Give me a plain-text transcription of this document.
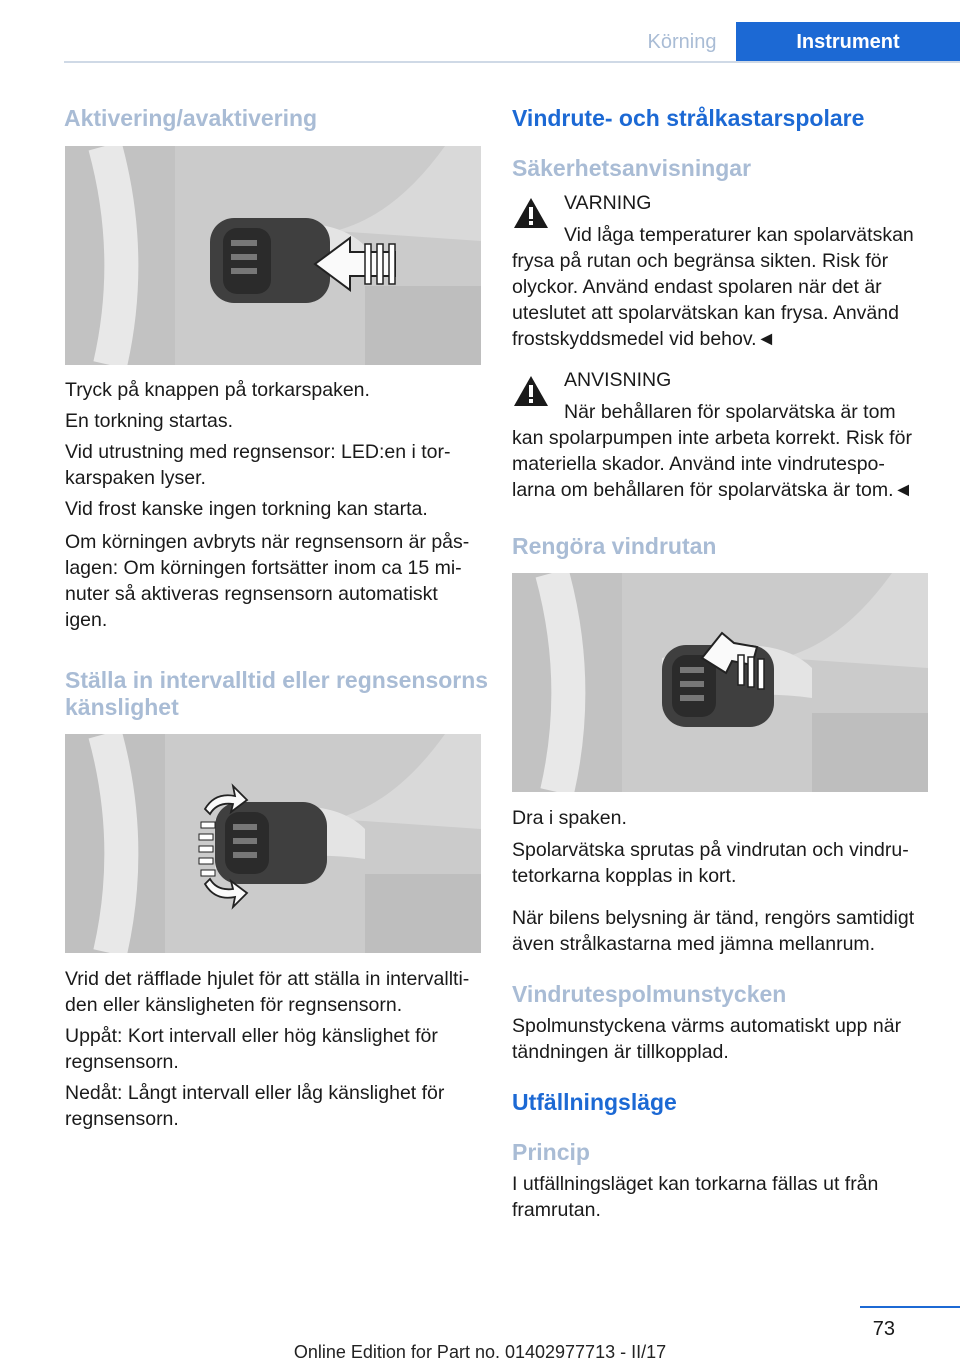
Körning	Instrument
Aktivering/avaktivering
Tryck på knappen på torkarspaken.
En torkning startas.
Vid utrustning med regnsensor: LED:en i tor‐
karspaken lyser.
Vid frost kanske ingen torkning kan starta.
Om körningen avbryts när regnsensorn är pås‐
lagen: Om körningen fortsätter inom ca 15 mi‐
nuter så aktiveras regnsensorn automatiskt
igen.
Ställa in intervalltid eller regnsensorns
känslighet
Vrid det räfflade hjulet för att ställa in intervallti‐
den eller känsligheten för regnsensorn.
Uppåt: Kort intervall eller hög känslighet för
regnsensorn.
Nedåt: Långt intervall eller låg känslighet för
regnsensorn.
Vindrute- och strålkastarspolare
Säkerhetsanvisningar
VARNING
Vid låga temperaturer kan spolarvätskan
frysa på rutan och begränsa sikten. Risk för
olyckor. Använd endast spolaren när det är
uteslutet att spolarvätskan kan frysa. Använd
frostskyddsmedel vid behov.◄
ANVISNING
När behållaren för spolarvätska är tom
kan spolarpumpen inte arbeta korrekt. Risk för
materiella skador. Använd inte vindrutespo‐
larna om behållaren för spolarvätska är tom.◄
Rengöra vindrutan
Dra i spaken.
Spolarvätska sprutas på vindrutan och vindru‐
tetorkarna kopplas in kort.
När bilens belysning är tänd, rengörs samtidigt
även strålkastarna med jämna mellanrum.
Vindrutespolmunstycken
Spolmunstyckena värms automatiskt upp när
tändningen är tillkopplad.
Utfällningsläge
Princip
I utfällningsläget kan torkarna fällas ut från
framrutan.
73
Online Edition for Part no. 01402977713 - II/17
